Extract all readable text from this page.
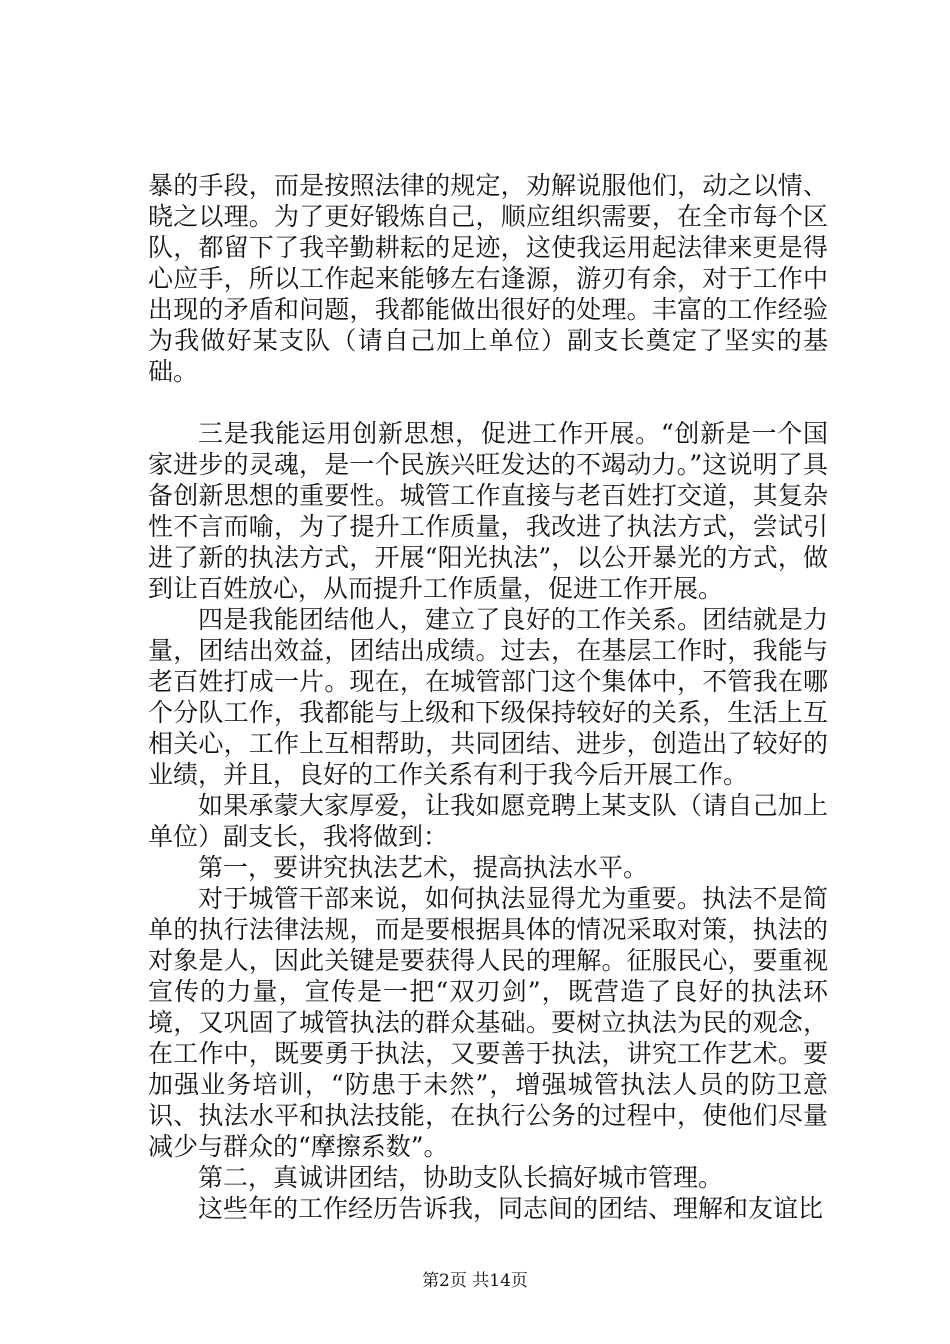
暴的手段，而是按照法律的规定，劝解说服他们，动之以情、晓之以理。为了更好锻炼自己，顺应组织需要，在全市每个区队，都留下了我辛勤耕耘的足迹，这使我运用起法律来更是得心应手，所以工作起来能够左右逢源，游刃有余，对于工作中出现的矛盾和问题，我都能做出很好的处理。丰富的工作经验为我做好某支队（请自己加上单位）副支长奠定了坚实的基础。

三是我能运用创新思想，促进工作开展。“创新是一个国家进步的灵魂，是一个民族兴旺发达的不竭动力。”这说明了具备创新思想的重要性。城管工作直接与老百姓打交道，其复杂性不言而喻，为了提升工作质量，我改进了执法方式，尝试引进了新的执法方式，开展“阳光执法”，以公开暴光的方式，做到让百姓放心，从而提升工作质量，促进工作开展。

四是我能团结他人，建立了良好的工作关系。团结就是力量，团结出效益，团结出成绩。过去，在基层工作时，我能与老百姓打成一片。现在，在城管部门这个集体中，不管我在哪个分队工作，我都能与上级和下级保持较好的关系，生活上互相关心，工作上互相帮助，共同团结、进步，创造出了较好的业绩，并且，良好的工作关系有利于我今后开展工作。

如果承蒙大家厚爱，让我如愿竞聘上某支队（请自己加上单位）副支长，我将做到：

第一，要讲究执法艺术，提高执法水平。

对于城管干部来说，如何执法显得尤为重要。执法不是简单的执行法律法规，而是要根据具体的情况采取对策，执法的对象是人，因此关键是要获得人民的理解。征服民心，要重视宣传的力量，宣传是一把“双刃剑”，既营造了良好的执法环境，又巩固了城管执法的群众基础。要树立执法为民的观念，在工作中，既要勇于执法，又要善于执法，讲究工作艺术。要加强业务培训，“防患于未然”，增强城管执法人员的防卫意识、执法水平和执法技能，在执行公务的过程中，使他们尽量减少与群众的“摩擦系数”。

第二，真诚讲团结，协助支队长搞好城市管理。

这些年的工作经历告诉我，同志间的团结、理解和友谊比

第2页 共14页
